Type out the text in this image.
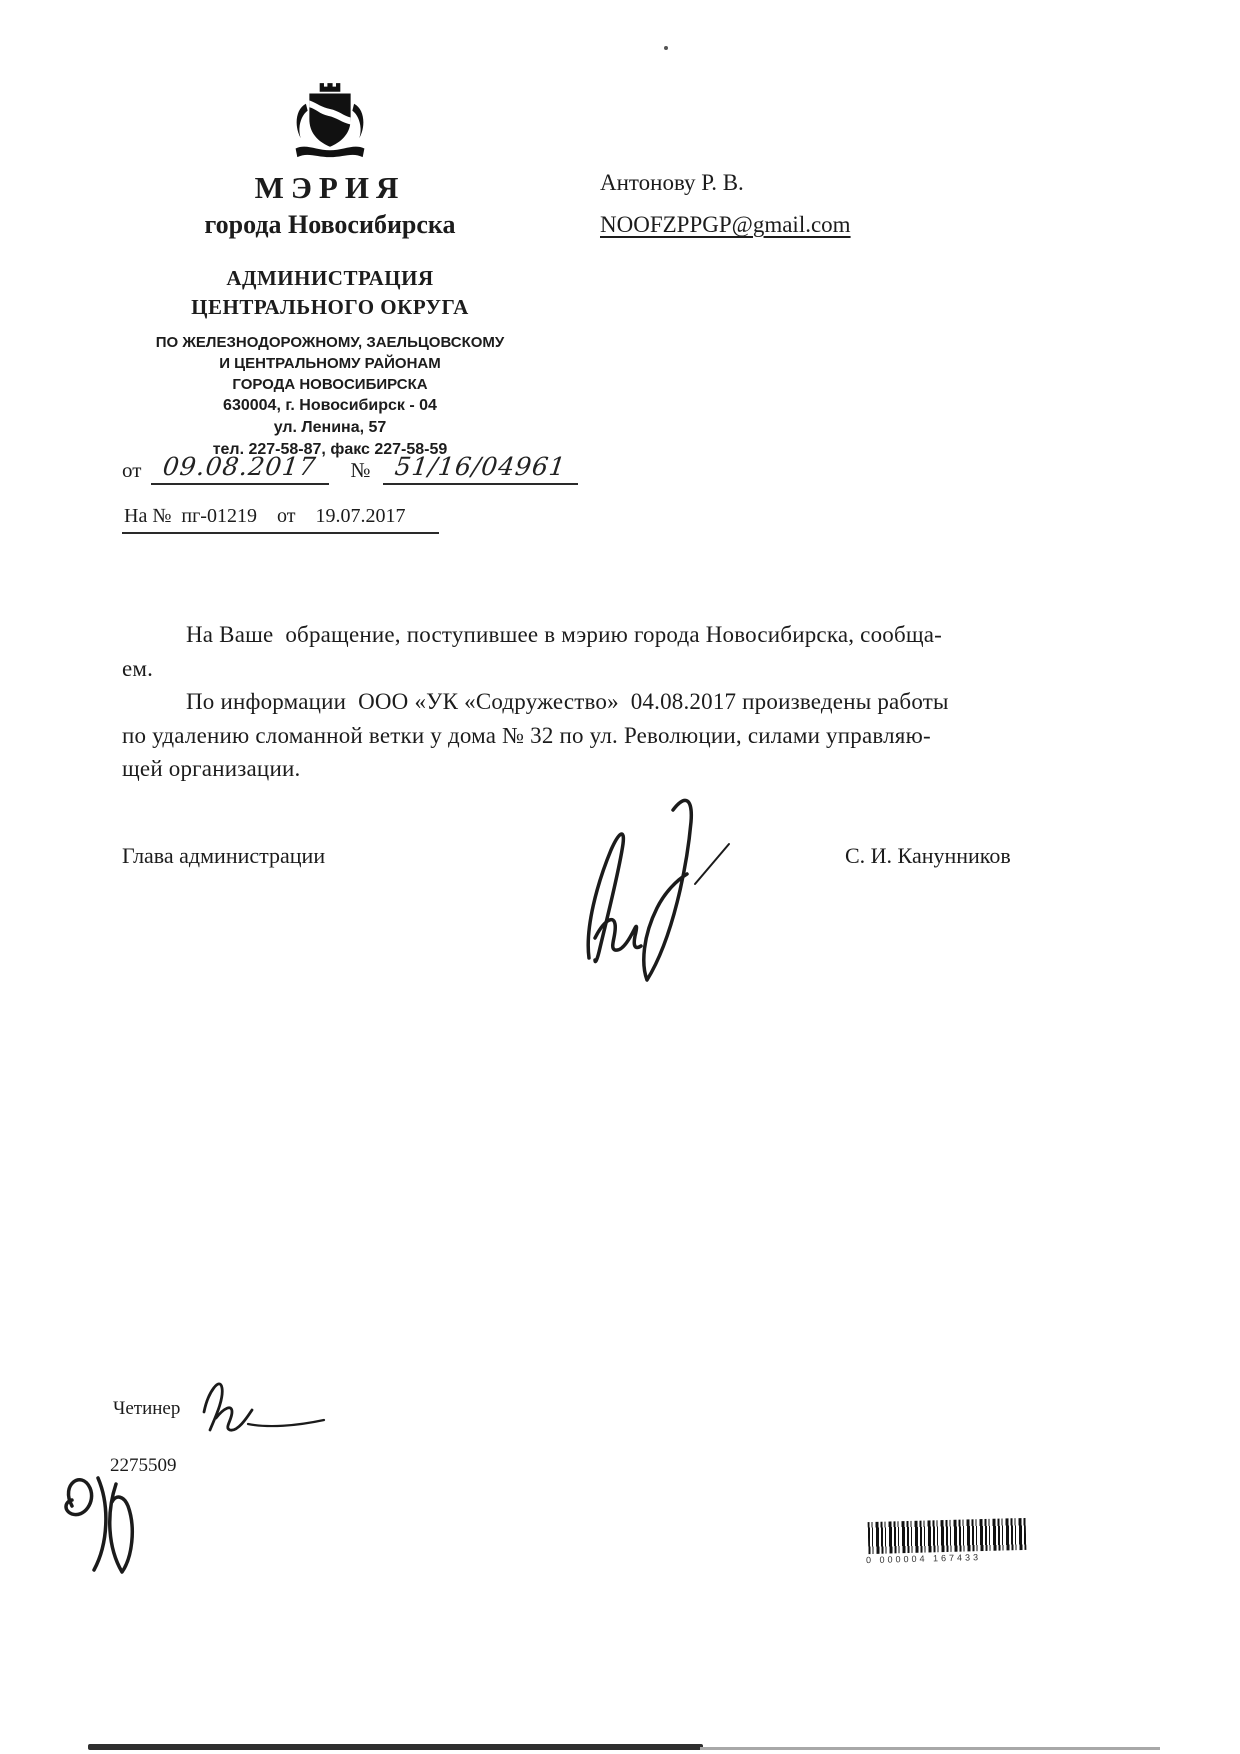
МЭРИЯ
города Новосибирска
АДМИНИСТРАЦИЯ
ЦЕНТРАЛЬНОГО ОКРУГА
ПО ЖЕЛЕЗНОДОРОЖНОМУ, ЗАЕЛЬЦОВСКОМУ
И ЦЕНТРАЛЬНОМУ РАЙОНАМ
ГОРОДА НОВОСИБИРСКА
630004, г. Новосибирск - 04
ул. Ленина, 57
тел. 227-58-87, факс 227-58-59
от 09.08.2017	№ 51/16/04961
На №  пг-01219    от    19.07.2017
Антонову Р. В.
NOOFZPPGP@gmail.com
На Ваше  обращение, поступившее в мэрию города Новосибирска, сообща-
ем.
По информации  ООО «УК «Содружество»  04.08.2017 произведены работы
по удалению сломанной ветки у дома № 32 по ул. Революции, силами управляю-
щей организации.
Глава администрации	С. И. Канунников
Четинер
2275509
0 000004 167433
